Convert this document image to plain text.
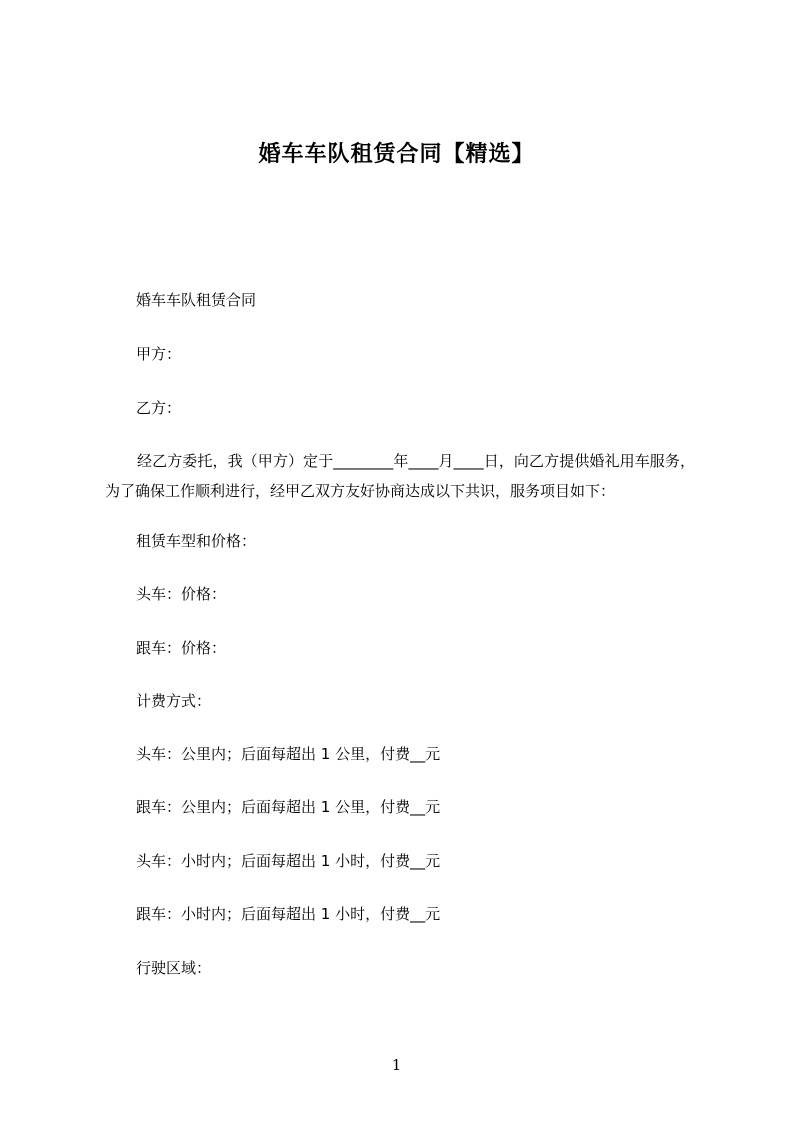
婚车车队租赁合同【精选】
婚车车队租赁合同
甲方：
乙方：
经乙方委托，我（甲方）定于________年____月____日，向乙方提供婚礼用车服务，为了确保工作顺利进行，经甲乙双方友好协商达成以下共识，服务项目如下：
租赁车型和价格：
头车：价格：
跟车：价格：
计费方式：
头车：公里内；后面每超出 1 公里，付费__元
跟车：公里内；后面每超出 1 公里，付费__元
头车：小时内；后面每超出 1 小时，付费__元
跟车：小时内；后面每超出 1 小时，付费__元
行驶区域：
1
